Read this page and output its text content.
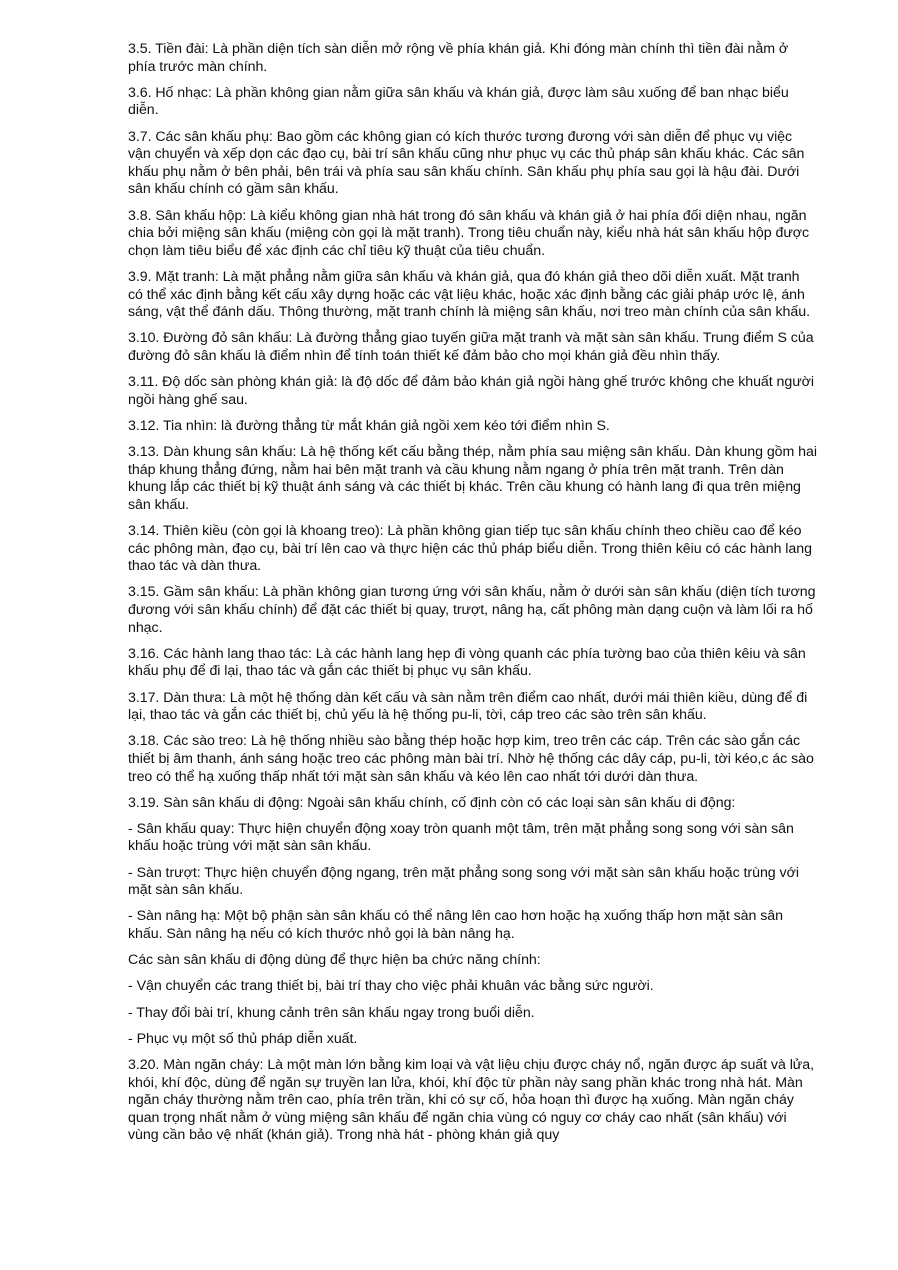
3.5. Tiền đài: Là phần diện tích sàn diễn mở rộng về phía khán giả. Khi đóng màn chính thì tiền đài nằm ở phía trước màn chính.

3.6. Hố nhạc: Là phần không gian nằm giữa sân khấu và khán giả, được làm sâu xuống để ban nhạc biểu diễn.

3.7. Các sân khấu phụ: Bao gồm các không gian có kích thước tương đương với sàn diễn để phục vụ việc vận chuyển và xếp dọn các đạo cụ, bài trí sân khấu cũng như phục vụ các thủ pháp sân khấu khác. Các sân khấu phụ nằm ở bên phải, bên trái và phía sau sân khấu chính. Sân khấu phụ phía sau gọi là hậu đài. Dưới sân khấu chính có gầm sân khấu.

3.8. Sân khấu hộp: Là kiểu không gian nhà hát trong đó sân khấu và khán giả ở hai phía đối diện nhau, ngăn chia bởi miệng sân khấu (miệng còn gọi là mặt tranh). Trong tiêu chuẩn này, kiểu nhà hát sân khấu hộp được chọn làm tiêu biểu để xác định các chỉ tiêu kỹ thuật của tiêu chuẩn.

3.9. Mặt tranh: Là mặt phẳng nằm giữa sân khấu và khán giả, qua đó khán giả theo dõi diễn xuất. Mặt tranh có thể xác định bằng kết cấu xây dựng hoặc các vật liệu khác, hoặc xác định bằng các giải pháp ước lệ, ánh sáng, vật thể đánh dấu. Thông thường, mặt tranh chính là miệng sân khấu, nơi treo màn chính của sân khấu.

3.10. Đường đỏ sân khấu: Là đường thẳng giao tuyến giữa mặt tranh và mặt sàn sân khấu. Trung điểm S của đường đỏ sân khấu là điểm nhìn để tính toán thiết kế đảm bảo cho mọi khán giả đều nhìn thấy.

3.11. Độ dốc sàn phòng khán giả: là độ dốc để đảm bảo khán giả ngồi hàng ghế trước không che khuất người ngồi hàng ghế sau.

3.12. Tia nhìn: là đường thẳng từ mắt khán giả ngồi xem kéo tới điểm nhìn S.

3.13. Dàn khung sân khấu: Là hệ thống kết cấu bằng thép, nằm phía sau miệng sân khấu. Dàn khung gồm hai tháp khung thẳng đứng, nằm hai bên mặt tranh và cầu khung nằm ngang ở phía trên mặt tranh. Trên dàn khung lắp các thiết bị kỹ thuật ánh sáng và các thiết bị khác. Trên cầu khung có hành lang đi qua trên miệng sân khấu.

3.14. Thiên kiều (còn gọi là khoang treo): Là phần không gian tiếp tục sân khấu chính theo chiều cao để kéo các phông màn, đạo cụ, bài trí lên cao và thực hiện các thủ pháp biểu diễn. Trong thiên kêiu có các hành lang thao tác và dàn thưa.

3.15. Gầm sân khấu: Là phần không gian tương ứng với sân khấu, nằm ở dưới sàn sân khấu (diện tích tương đương với sân khấu chính) để đặt các thiết bị quay, trượt, nâng hạ, cất phông màn dạng cuộn và làm lối ra hố nhạc.

3.16. Các hành lang thao tác: Là các hành lang hẹp đi vòng quanh các phía tường bao của thiên kêiu và sân khấu phụ để đi lại, thao tác và gắn các thiết bị phục vụ sân khấu.

3.17. Dàn thưa: Là một hệ thống dàn kết cấu và sàn nằm trên điểm cao nhất, dưới mái thiên kiều, dùng để đi lại, thao tác và gắn các thiết bị, chủ yếu là hệ thống pu-li, tời, cáp treo các sào trên sân khấu.

3.18. Các sào treo: Là hệ thống nhiều sào bằng thép hoặc hợp kim, treo trên các cáp. Trên các sào gắn các thiết bị âm thanh, ánh sáng hoặc treo các phông màn bài trí. Nhờ hệ thống các dây cáp, pu-li, tời kéo,c ác sào treo có thể hạ xuống thấp nhất tới mặt sàn sân khấu và kéo lên cao nhất tới dưới dàn thưa.

3.19. Sàn sân khấu di động: Ngoài sân khấu chính, cố định còn có các loại sàn sân khấu di động:

- Sân khấu quay: Thực hiện chuyển động xoay tròn quanh một tâm, trên mặt phẳng song song với sàn sân khấu hoặc trùng với mặt sàn sân khấu.

- Sàn trượt: Thực hiện chuyển động ngang, trên mặt phẳng song song với mặt sàn sân khấu hoặc trùng với mặt sàn sân khấu.

- Sàn nâng hạ: Một bộ phận sàn sân khấu có thể nâng lên cao hơn hoặc hạ xuống thấp hơn mặt sàn sân khấu. Sàn nâng hạ nếu có kích thước nhỏ gọi là bàn nâng hạ.

Các sàn sân khấu di động dùng để thực hiện ba chức năng chính:

- Vận chuyển các trang thiết bị, bài trí thay cho việc phải khuân vác bằng sức người.

- Thay đổi bài trí, khung cảnh trên sân khấu ngay trong buổi diễn.

- Phục vụ một số thủ pháp diễn xuất.

3.20. Màn ngăn cháy: Là một màn lớn bằng kim loại và vật liệu chịu được cháy nổ, ngăn được áp suất và lửa, khói, khí độc, dùng để ngăn sự truyền lan lửa, khói, khí độc từ phần này sang phần khác trong nhà hát. Màn ngăn cháy thường nằm trên cao, phía trên trần, khi có sự cố, hỏa hoạn thì được hạ xuống. Màn ngăn cháy quan trọng nhất nằm ở vùng miệng sân khấu để ngăn chia vùng có nguy cơ cháy cao nhất (sân khấu) với vùng cần bảo vệ nhất (khán giả). Trong nhà hát - phòng khán giả quy
